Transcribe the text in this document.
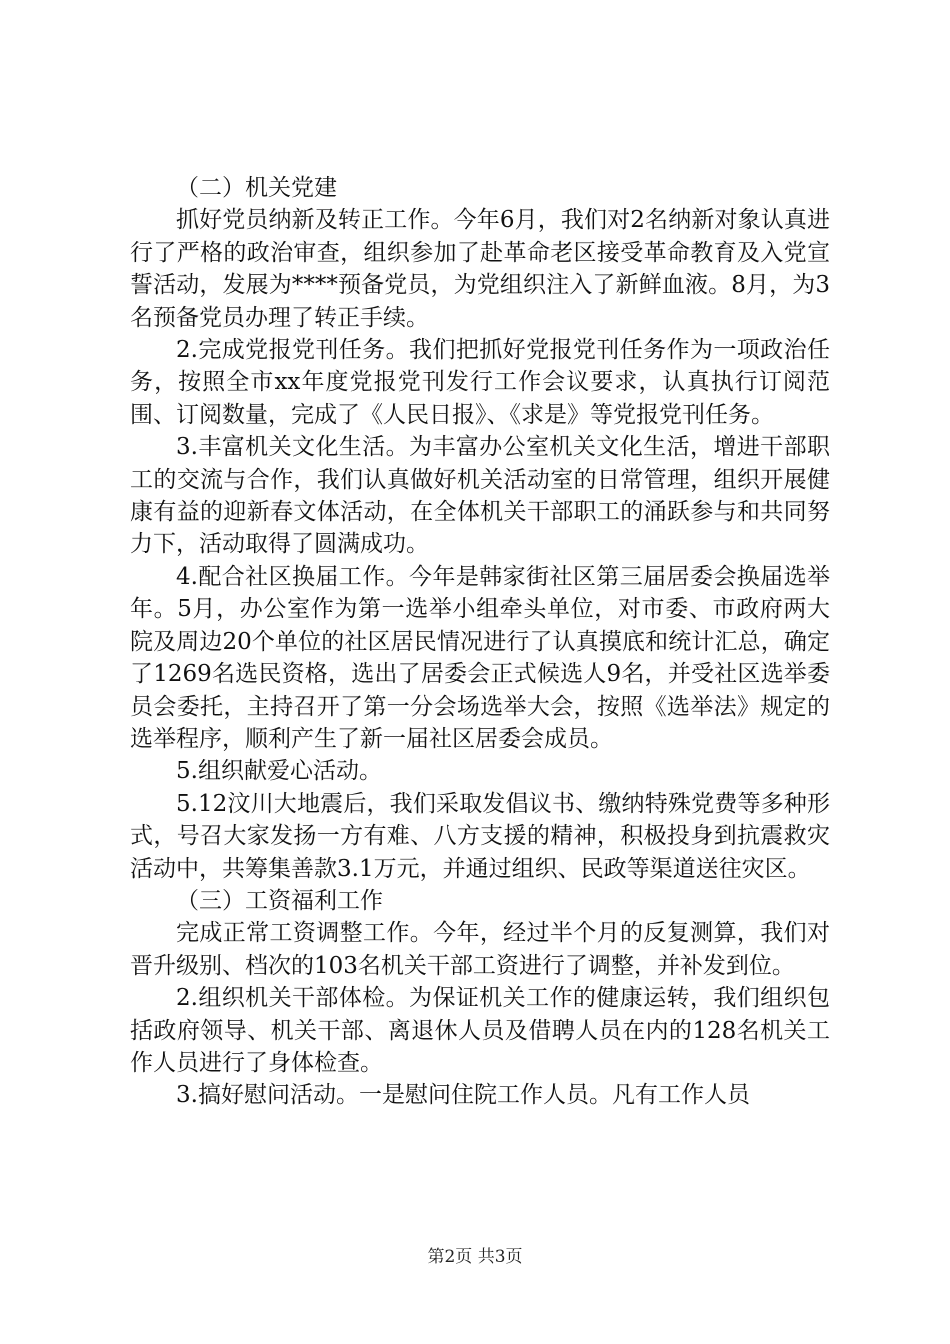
（二）机关党建

抓好党员纳新及转正工作。今年6月，我们对2名纳新对象认真进行了严格的政治审查，组织参加了赴革命老区接受革命教育及入党宣誓活动，发展为****预备党员，为党组织注入了新鲜血液。8月，为3名预备党员办理了转正手续。

2.完成党报党刊任务。我们把抓好党报党刊任务作为一项政治任务，按照全市xx年度党报党刊发行工作会议要求，认真执行订阅范围、订阅数量，完成了《人民日报》、《求是》等党报党刊任务。

3.丰富机关文化生活。为丰富办公室机关文化生活，增进干部职工的交流与合作，我们认真做好机关活动室的日常管理，组织开展健康有益的迎新春文体活动，在全体机关干部职工的涌跃参与和共同努力下，活动取得了圆满成功。

4.配合社区换届工作。今年是韩家街社区第三届居委会换届选举年。5月，办公室作为第一选举小组牵头单位，对市委、市政府两大院及周边20个单位的社区居民情况进行了认真摸底和统计汇总，确定了1269名选民资格，选出了居委会正式候选人9名，并受社区选举委员会委托，主持召开了第一分会场选举大会，按照《选举法》规定的选举程序，顺利产生了新一届社区居委会成员。

5.组织献爱心活动。

5.12汶川大地震后，我们采取发倡议书、缴纳特殊党费等多种形式，号召大家发扬一方有难、八方支援的精神，积极投身到抗震救灾活动中，共筹集善款3.1万元，并通过组织、民政等渠道送往灾区。

（三）工资福利工作

完成正常工资调整工作。今年，经过半个月的反复测算，我们对晋升级别、档次的103名机关干部工资进行了调整，并补发到位。

2.组织机关干部体检。为保证机关工作的健康运转，我们组织包括政府领导、机关干部、离退休人员及借聘人员在内的128名机关工作人员进行了身体检查。

3.搞好慰问活动。一是慰问住院工作人员。凡有工作人员

第2页 共3页
